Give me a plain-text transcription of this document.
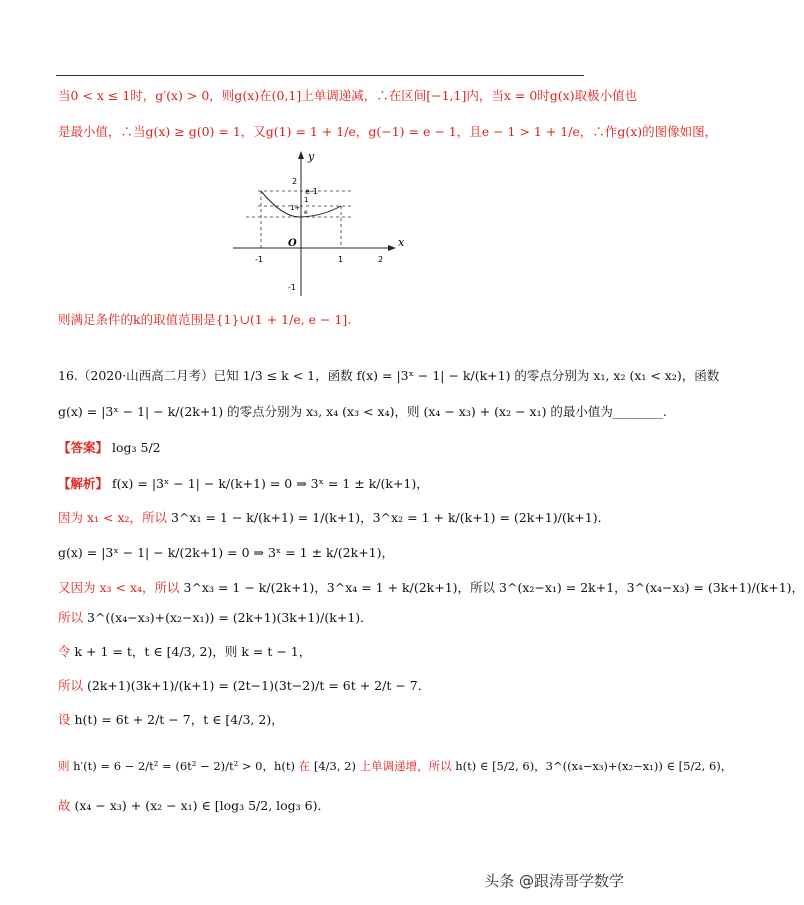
当0 < x ≤ 1时，g′(x) > 0，则g(x)在(0,1]上单调递减，∴在区间[−1,1]内，当x = 0时g(x)取极小值也
是最小值，∴当g(x) ≥ g(0) = 1，又g(1) = 1 + 1/e，g(−1) = e − 1，且e − 1 > 1 + 1/e，∴作g(x)的图像如图，
x
y
O
2
e-1
1
1+
e
-1	1	2
-1
则满足条件的k的取值范围是{1}∪(1 + 1/e, e − 1].
16.（2020·山西高二月考）已知 1/3 ≤ k < 1，函数 f(x) = |3ˣ − 1| − k/(k+1) 的零点分别为 x₁, x₂ (x₁ < x₂)，函数
g(x) = |3ˣ − 1| − k/(2k+1) 的零点分别为 x₃, x₄ (x₃ < x₄)，则 (x₄ − x₃) + (x₂ − x₁) 的最小值为________.
【答案】 log₃ 5/2
【解析】 f(x) = |3ˣ − 1| − k/(k+1) = 0 ⇒ 3ˣ = 1 ± k/(k+1)，
因为 x₁ < x₂，所以 3^x₁ = 1 − k/(k+1) = 1/(k+1)，3^x₂ = 1 + k/(k+1) = (2k+1)/(k+1)．
g(x) = |3ˣ − 1| − k/(2k+1) = 0 ⇒ 3ˣ = 1 ± k/(2k+1)，
又因为 x₃ < x₄，所以 3^x₃ = 1 − k/(2k+1)，3^x₄ = 1 + k/(2k+1)，所以 3^(x₂−x₁) = 2k+1，3^(x₄−x₃) = (3k+1)/(k+1)，
所以 3^((x₄−x₃)+(x₂−x₁)) = (2k+1)(3k+1)/(k+1)．
令 k + 1 = t，t ∈ [4/3, 2)，则 k = t − 1，
所以 (2k+1)(3k+1)/(k+1) = (2t−1)(3t−2)/t = 6t + 2/t − 7．
设 h(t) = 6t + 2/t − 7，t ∈ [4/3, 2)，
则 h′(t) = 6 − 2/t² = (6t² − 2)/t² > 0，h(t) 在 [4/3, 2) 上单调递增，所以 h(t) ∈ [5/2, 6)，3^((x₄−x₃)+(x₂−x₁)) ∈ [5/2, 6)，
故 (x₄ − x₃) + (x₂ − x₁) ∈ [log₃ 5/2, log₃ 6)．
头条 @跟涛哥学数学
